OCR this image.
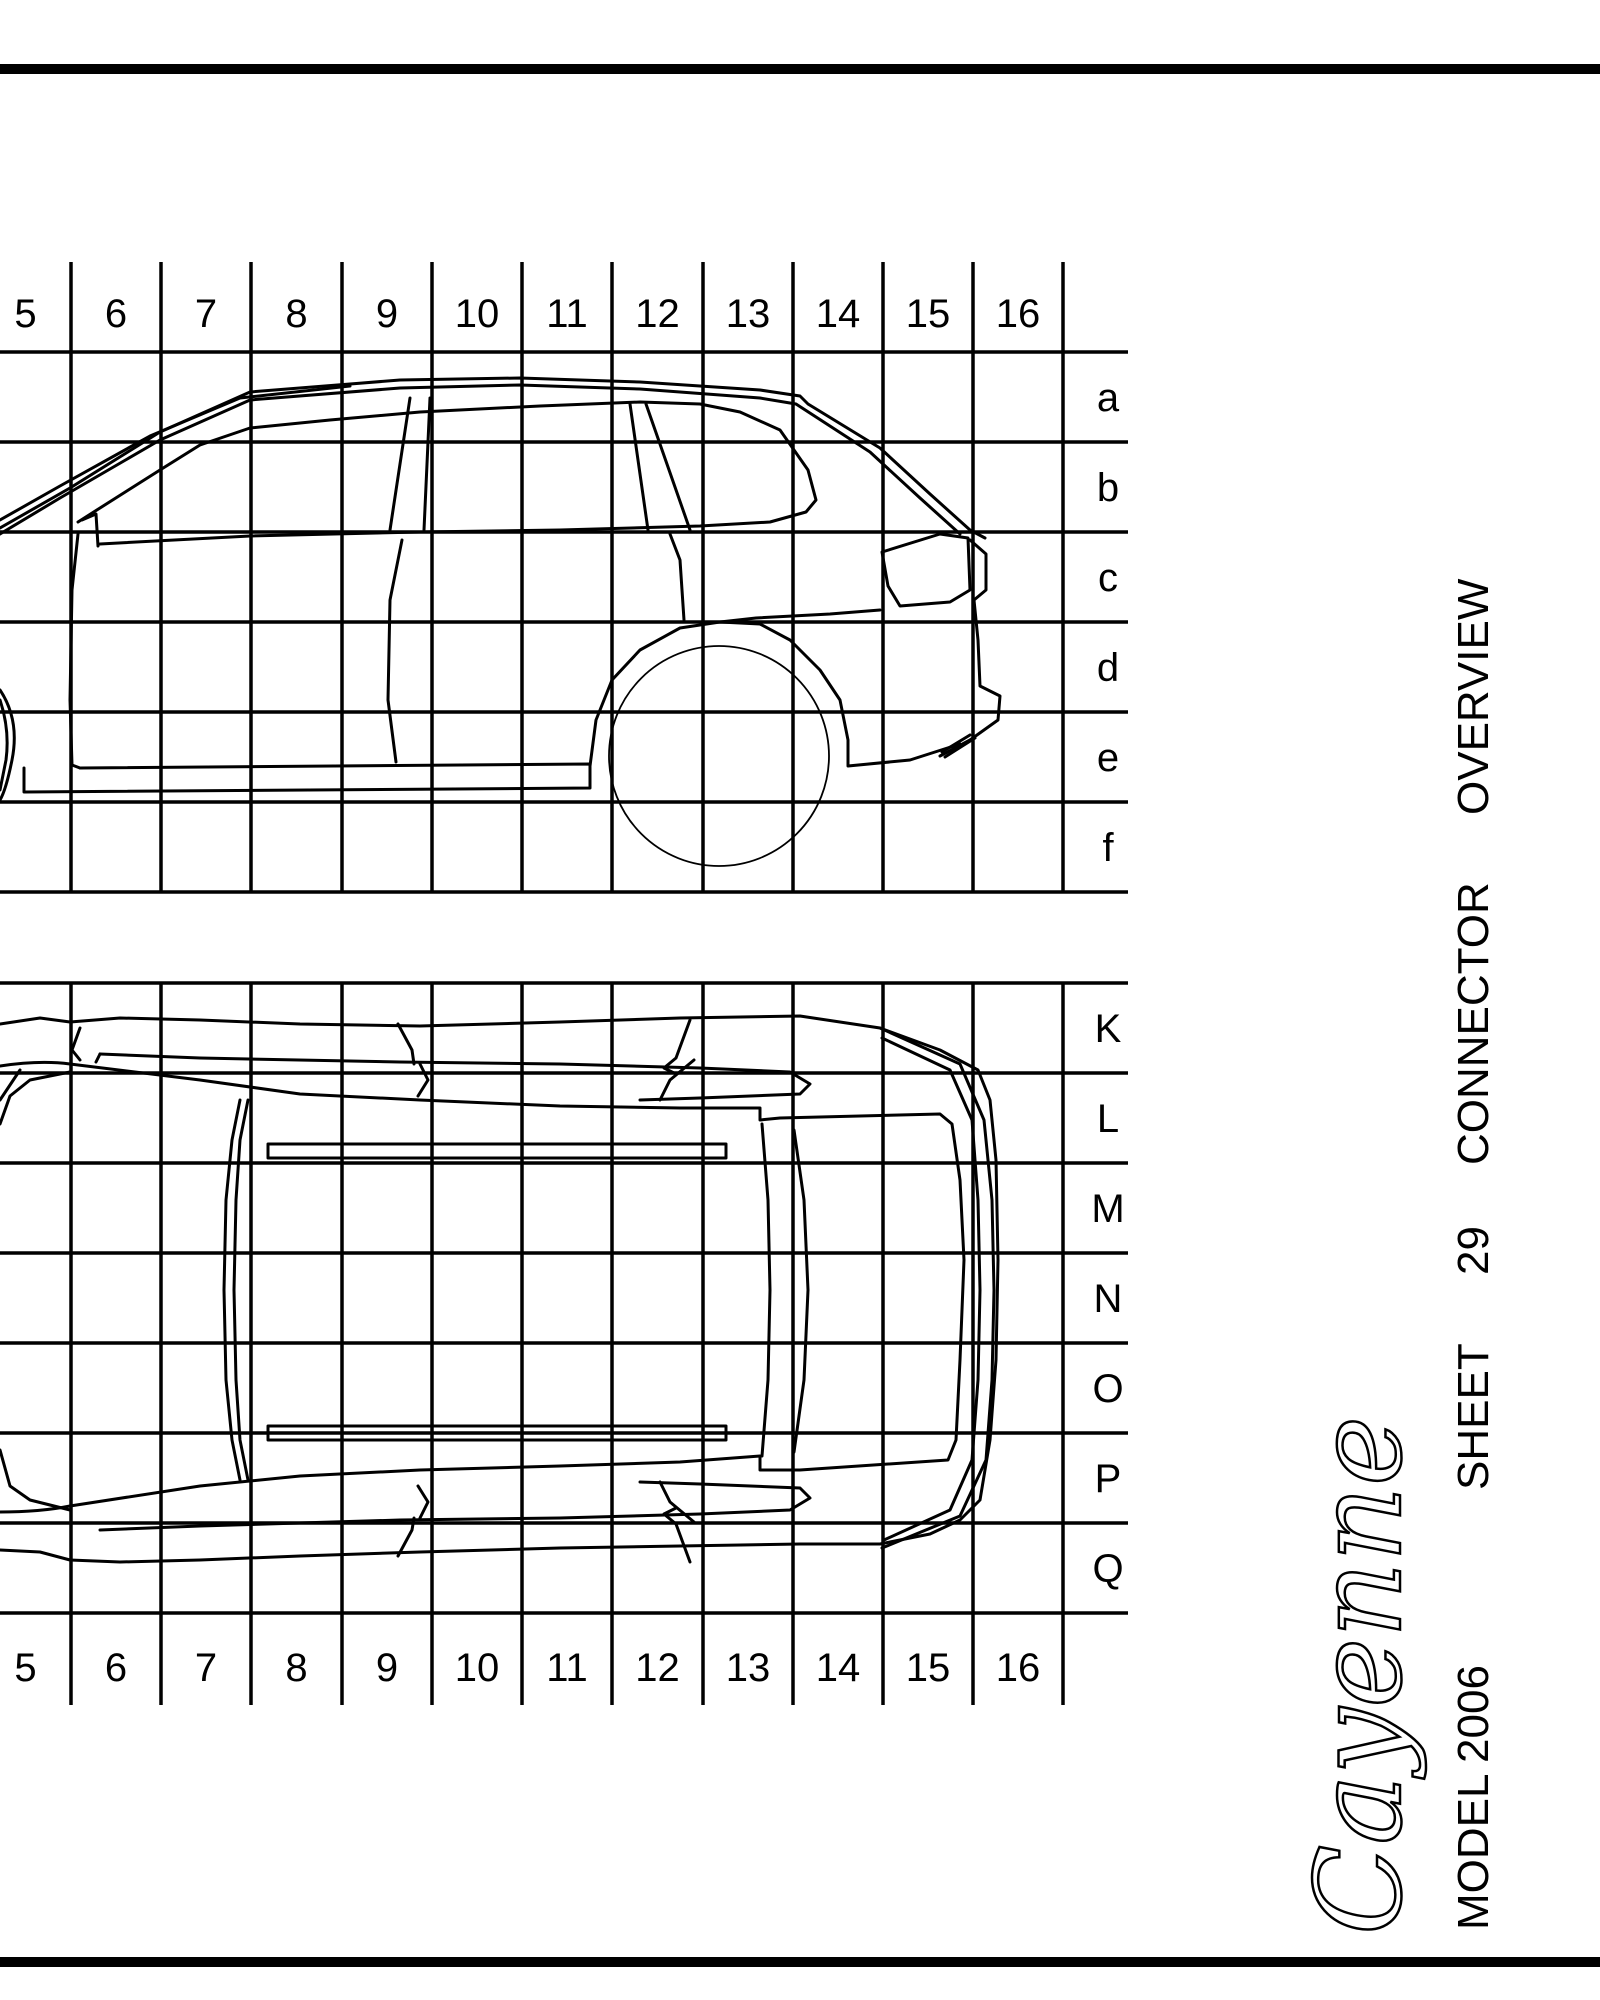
5 6 7 8 9 10 11 12 13 14 15 16
5 6 7 8 9 10 11 12 13 14 15 16
a
b
c
d
e
f
K
L
M
N
O
P
Q
MODEL 2006
SHEET
29
CONNECTOR
OVERVIEW
Cayenne
